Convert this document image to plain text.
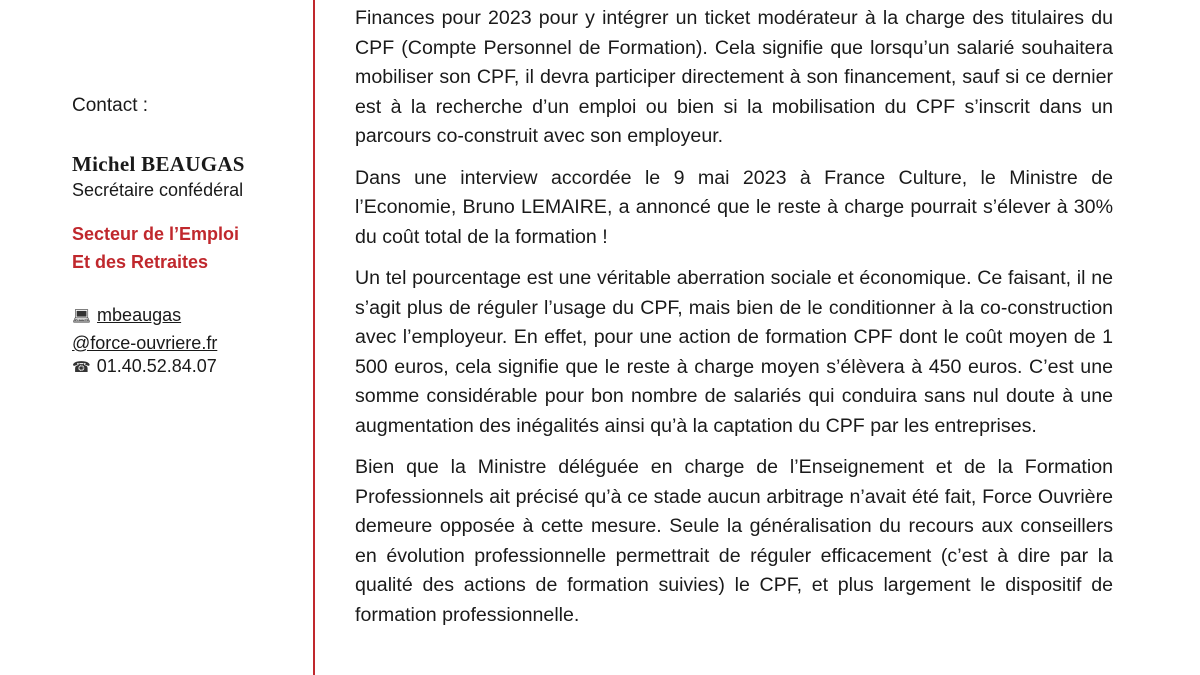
Contact :
Michel BEAUGAS
Secrétaire confédéral
Secteur de l’Emploi
Et des Retraites
💻︎ mbeaugas
@force-ouvriere.fr
☎︎ 01.40.52.84.07

Finances pour 2023 pour y intégrer un ticket modérateur à la charge des titulaires du CPF (Compte Personnel de Formation). Cela signifie que lorsqu’un salarié souhaitera mobiliser son CPF, il devra participer directement à son financement, sauf si ce dernier est à la recherche d’un emploi ou bien si la mobilisation du CPF s’inscrit dans un parcours co-construit avec son employeur.

Dans une interview accordée le 9 mai 2023 à France Culture, le Ministre de l’Economie, Bruno LEMAIRE, a annoncé que le reste à charge pourrait s’élever à 30% du coût total de la formation !

Un tel pourcentage est une véritable aberration sociale et économique. Ce faisant, il ne s’agit plus de réguler l’usage du CPF, mais bien de le conditionner à la co-construction avec l’employeur. En effet, pour une action de formation CPF dont le coût moyen de 1 500 euros, cela signifie que le reste à charge moyen s’élèvera à 450 euros. C’est une somme considérable pour bon nombre de salariés qui conduira sans nul doute à une augmentation des inégalités ainsi qu’à la captation du CPF par les entreprises.

Bien que la Ministre déléguée en charge de l’Enseignement et de la Formation Professionnels ait précisé qu’à ce stade aucun arbitrage n’avait été fait, Force Ouvrière demeure opposée à cette mesure. Seule la généralisation du recours aux conseillers en évolution professionnelle permettrait de réguler efficacement (c’est à dire par la qualité des actions de formation suivies) le CPF, et plus largement le dispositif de formation professionnelle.
